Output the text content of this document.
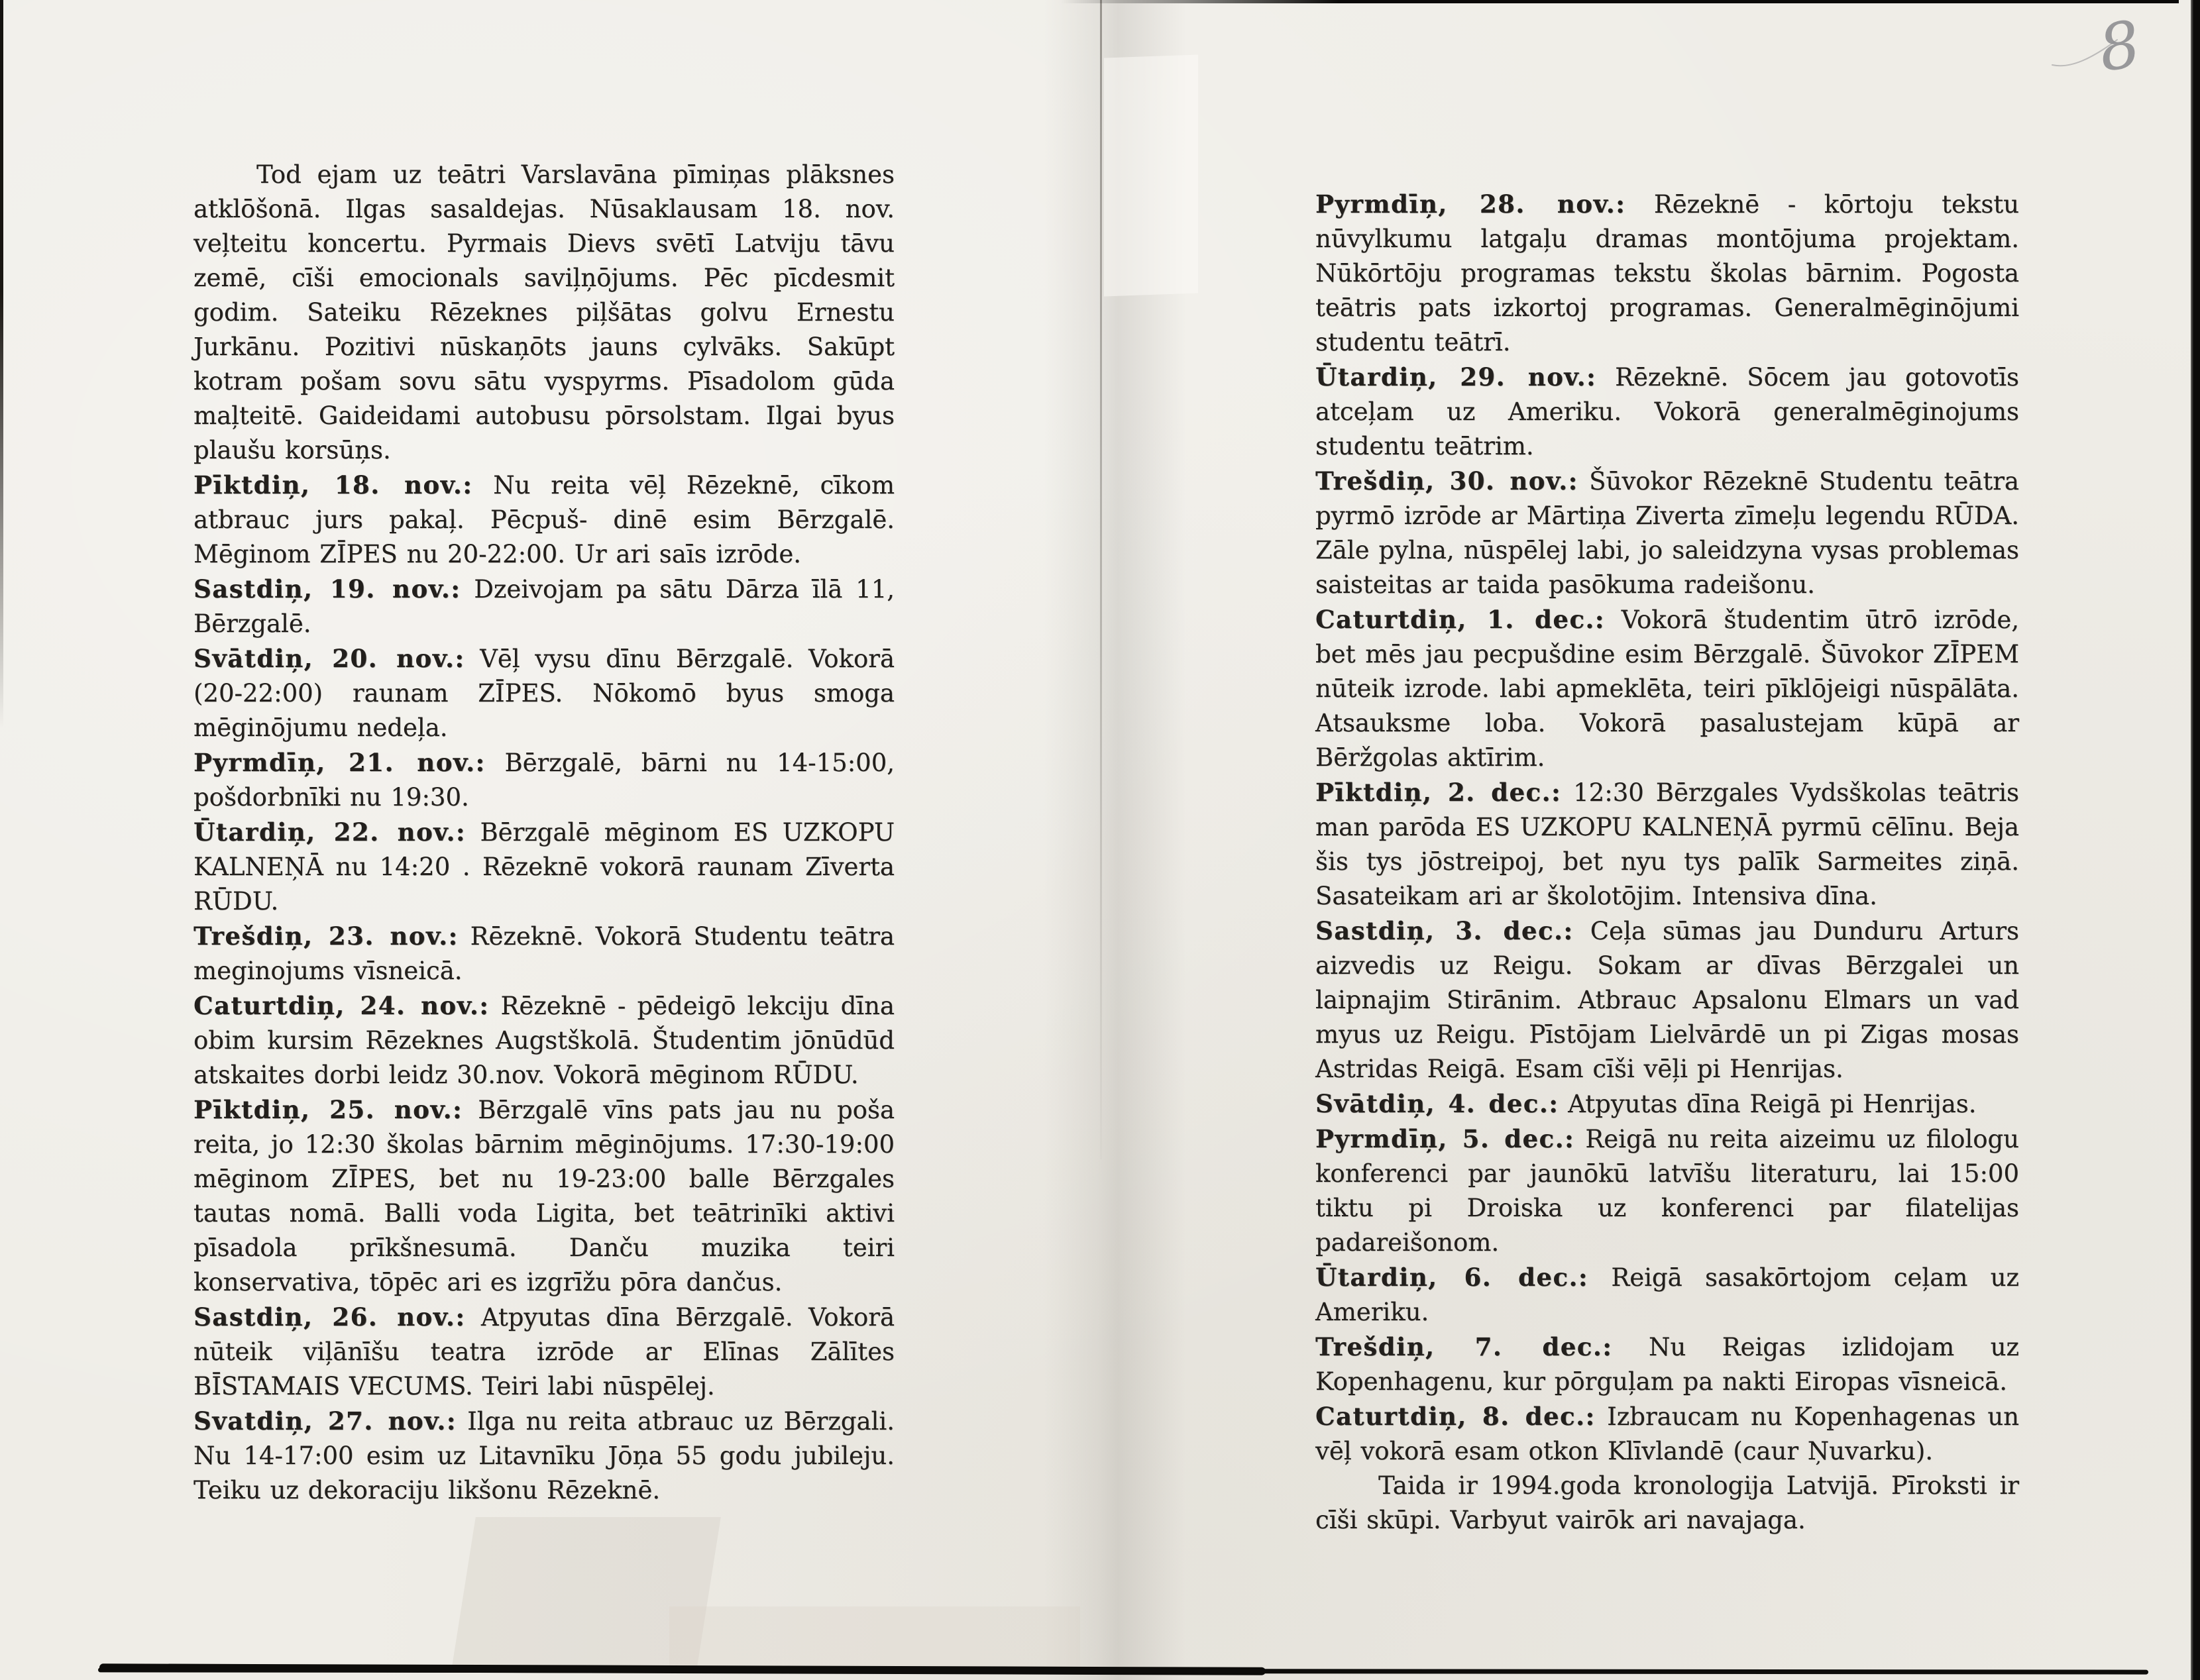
Tod ejam uz teātri Varslavāna pīmiņas plāksnes atklōšonā. Ilgas sasaldejas. Nūsaklausam 18. nov. veļteitu koncertu. Pyrmais Dievs svētī Latviju tāvu zemē, cīši emocionals saviļņōjums. Pēc pīcdesmit godim. Sateiku Rēzeknes piļšātas golvu Ernestu Jurkānu. Pozitivi nūskaņōts jauns cylvāks. Sakūpt kotram pošam sovu sātu vyspyrms. Pīsadolom gūda maļteitē. Gaideidami autobusu pōrsolstam. Ilgai byus plaušu korsūņs.

Pīktdiņ, 18. nov.: Nu reita vēļ Rēzeknē, cīkom atbrauc jurs pakaļ. Pēcpuš- dinē esim Bērzgalē. Mēginom ZĪPES nu 20-22:00. Ur ari saīs izrōde.

Sastdiņ, 19. nov.: Dzeivojam pa sātu Dārza īlā 11, Bērzgalē.

Svātdiņ, 20. nov.: Vēļ vysu dīnu Bērzgalē. Vokorā (20-22:00) raunam ZĪPES. Nōkomō byus smoga mēginōjumu nedeļa.

Pyrmdīņ, 21. nov.: Bērzgalē, bārni nu 14-15:00, pošdorbnīki nu 19:30.

Ūtardiņ, 22. nov.: Bērzgalē mēginom ES UZKOPU KALNEŅĀ nu 14:20 . Rēzeknē vokorā raunam Zīverta RŪDU.

Trešdiņ, 23. nov.: Rēzeknē. Vokorā Studentu teātra meginojums vīsneicā.

Caturtdiņ, 24. nov.: Rēzeknē - pēdeigō lekciju dīna obim kursim Rēzeknes Augstškolā. Študentim jōnūdūd atskaites dorbi leidz 30.nov. Vokorā mēginom RŪDU.

Pīktdiņ, 25. nov.: Bērzgalē vīns pats jau nu poša reita, jo 12:30 školas bārnim mēginōjums. 17:30-19:00 mēginom ZĪPES, bet nu 19-23:00 balle Bērzgales tautas nomā. Balli voda Ligita, bet teātrinīki aktivi pīsadola prīkšnesumā. Danču muzika teiri konservativa, tōpēc ari es izgrīžu pōra dančus.

Sastdiņ, 26. nov.: Atpyutas dīna Bērzgalē. Vokorā nūteik viļānīšu teatra izrōde ar Elīnas Zālītes BĪSTAMAIS VECUMS. Teiri labi nūspēlej.

Svatdiņ, 27. nov.: Ilga nu reita atbrauc uz Bērzgali. Nu 14-17:00 esim uz Litavnīku Jōņa 55 godu jubileju. Teiku uz dekoraciju likšonu Rēzeknē.

Pyrmdīņ, 28. nov.: Rēzeknē - kōrtoju tekstu nūvylkumu latgaļu dramas montōjuma projektam. Nūkōrtōju programas tekstu školas bārnim. Pogosta teātris pats izkortoj programas. Generalmēginōjumi studentu teātrī.

Ūtardiņ, 29. nov.: Rēzeknē. Sōcem jau gotovotīs atceļam uz Ameriku. Vokorā generalmēginojums studentu teātrim.

Trešdiņ, 30. nov.: Šūvokor Rēzeknē Studentu teātra pyrmō izrōde ar Mārtiņa Ziverta zīmeļu legendu RŪDA. Zāle pylna, nūspēlej labi, jo saleidzyna vysas problemas saisteitas ar taida pasōkuma radeišonu.

Caturtdiņ, 1. dec.: Vokorā študentim ūtrō izrōde, bet mēs jau pecpušdine esim Bērzgalē. Šūvokor ZĪPEM nūteik izrode. labi apmeklēta, teiri pīklōjeigi nūspālāta. Atsauksme loba. Vokorā pasalustejam kūpā ar Bēržgolas aktīrim.

Pīktdiņ, 2. dec.: 12:30 Bērzgales Vydsškolas teātris man parōda ES UZKOPU KALNEŅĀ pyrmū cēlīnu. Beja šis tys jōstreipoj, bet nyu tys palīk Sarmeites ziņā. Sasateikam ari ar školotōjim. Intensiva dīna.

Sastdiņ, 3. dec.: Ceļa sūmas jau Dunduru Arturs aizvedis uz Reigu. Sokam ar dīvas Bērzgalei un laipnajim Stirānim. Atbrauc Apsalonu Elmars un vad myus uz Reigu. Pīstōjam Lielvārdē un pi Zigas mosas Astridas Reigā. Esam cīši vēļi pi Henrijas.

Svātdiņ, 4. dec.: Atpyutas dīna Reigā pi Henrijas.

Pyrmdīņ, 5. dec.: Reigā nu reita aizeimu uz filologu konferenci par jaunōkū latvīšu literaturu, lai 15:00 tiktu pi Droiska uz konferenci par filatelijas padareišonom.

Ūtardiņ, 6. dec.: Reigā sasakōrtojom ceļam uz Ameriku.

Trešdiņ, 7. dec.: Nu Reigas izlidojam uz Kopenhagenu, kur pōrguļam pa nakti Eiropas vīsneicā.

Caturtdiņ, 8. dec.: Izbraucam nu Kopenhagenas un vēļ vokorā esam otkon Klīvlandē (caur Ņuvarku).

Taida ir 1994.goda kronologija Latvijā. Pīroksti ir cīši skūpi. Varbyut vairōk ari navajaga.

8
